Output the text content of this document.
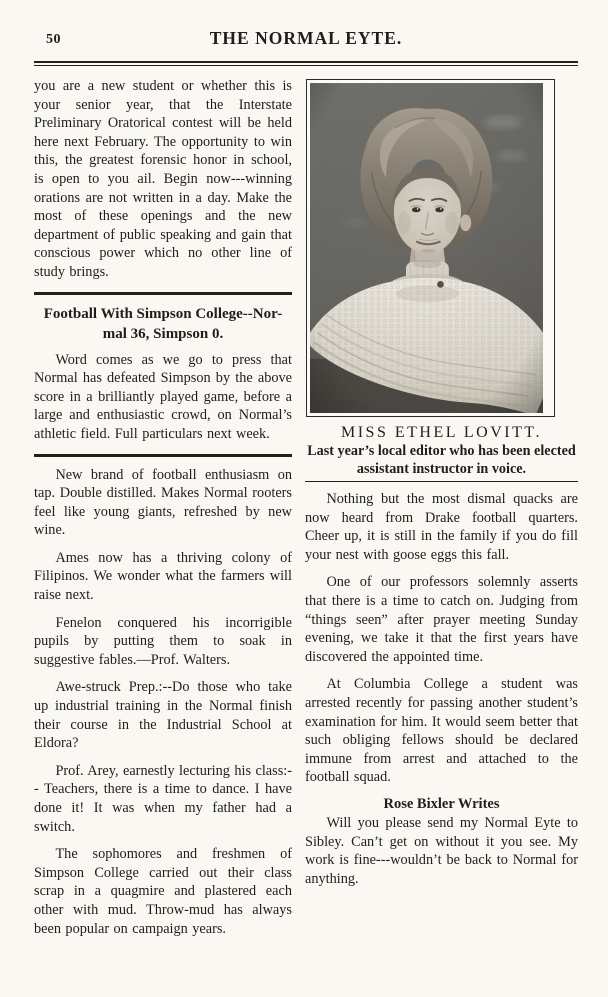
50	THE NORMAL EYTE.

you are a new student or whether this is your senior year, that the Interstate Preliminary Oratorical contest will be held here next February. The opportunity to win this, the greatest forensic honor in school, is open to you ail. Begin now---winning orations are not written in a day. Make the most of these openings and the new department of public speaking and gain that conscious power which no other line of study brings.

Football With Simpson College--Nor-
mal 36, Simpson 0.

Word comes as we go to press that Normal has defeated Simpson by the above score in a brilliantly played game, before a large and enthusiastic crowd, on Normal’s athletic field. Full particulars next week.

New brand of football enthusiasm on tap. Double distilled. Makes Normal rooters feel like young giants, refreshed by new wine.

Ames now has a thriving colony of Filipinos. We wonder what the farmers will raise next.

Fenelon conquered his incorrigible pupils by putting them to soak in suggestive fables.—Prof. Walters.

Awe-struck Prep.:--Do those who take up industrial training in the Normal finish their course in the Industrial School at Eldora?

Prof. Arey, earnestly lecturing his class:-- Teachers, there is a time to dance. I have done it! It was when my father had a switch.

The sophomores and freshmen of Simpson College carried out their class scrap in a quagmire and plastered each other with mud. Throw-mud has always been popular on campaign years.

MISS ETHEL LOVITT.
Last year’s local editor who has been elected assistant instructor in voice.

Nothing but the most dismal quacks are now heard from Drake football quarters. Cheer up, it is still in the family if you do fill your nest with goose eggs this fall.

One of our professors solemnly asserts that there is a time to catch on. Judging from “things seen” after prayer meeting Sunday evening, we take it that the first years have discovered the appointed time.

At Columbia College a student was arrested recently for passing another student’s examination for him. It would seem better that such obliging fellows should be declared immune from arrest and attached to the football squad.

Rose Bixler Writes

Will you please send my Normal Eyte to Sibley. Can’t get on without it you see. My work is fine---wouldn’t be back to Normal for anything.
